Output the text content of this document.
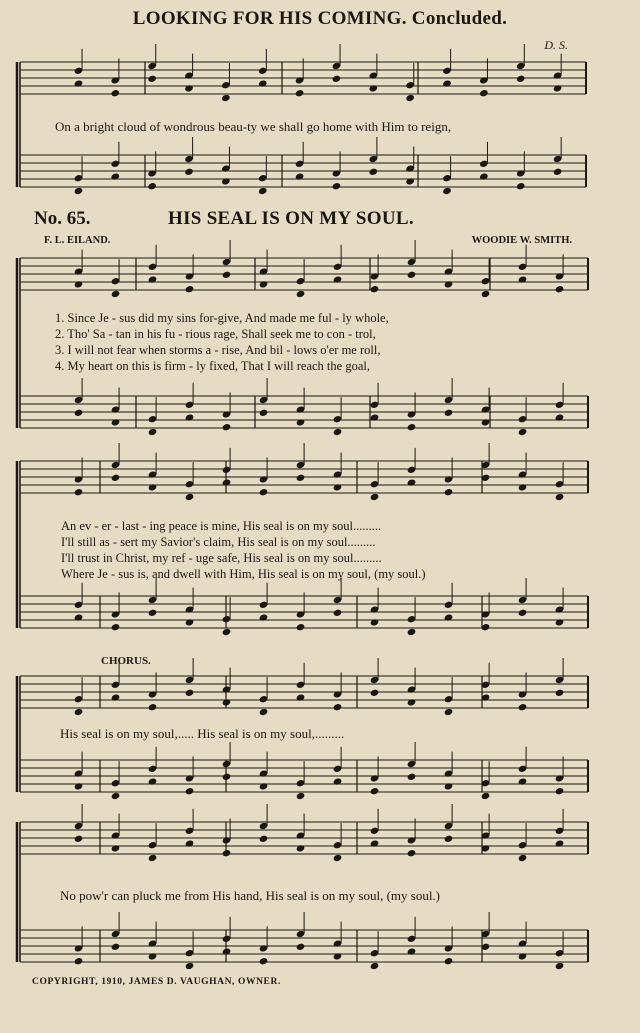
LOOKING FOR HIS COMING. Concluded.
D. S.
On a bright cloud of wondrous beau-ty we shall go home with Him to reign,
No. 65.	HIS SEAL IS ON MY SOUL.
F. L. EILAND.	WOODIE W. SMITH.
1. Since Je - sus did my sins for-give, And made me ful - ly whole,
2. Tho' Sa - tan in his fu - rious rage, Shall seek me to con - trol,
3. I will not fear when storms a - rise, And bil - lows o'er me roll,
4. My heart on this is firm - ly fixed, That I will reach the goal,
An ev - er - last - ing peace is mine, His seal is on my soul.........
I'll still as - sert my Savior's claim, His seal is on my soul.........
I'll trust in Christ, my ref - uge safe, His seal is on my soul.........
Where Je - sus is, and dwell with Him, His seal is on my soul, (my soul.)
CHORUS.
His seal is on my soul,..... His seal is on my soul,.........
No pow'r can pluck me from His hand, His seal is on my soul, (my soul.)
COPYRIGHT, 1910, JAMES D. VAUGHAN, OWNER.
